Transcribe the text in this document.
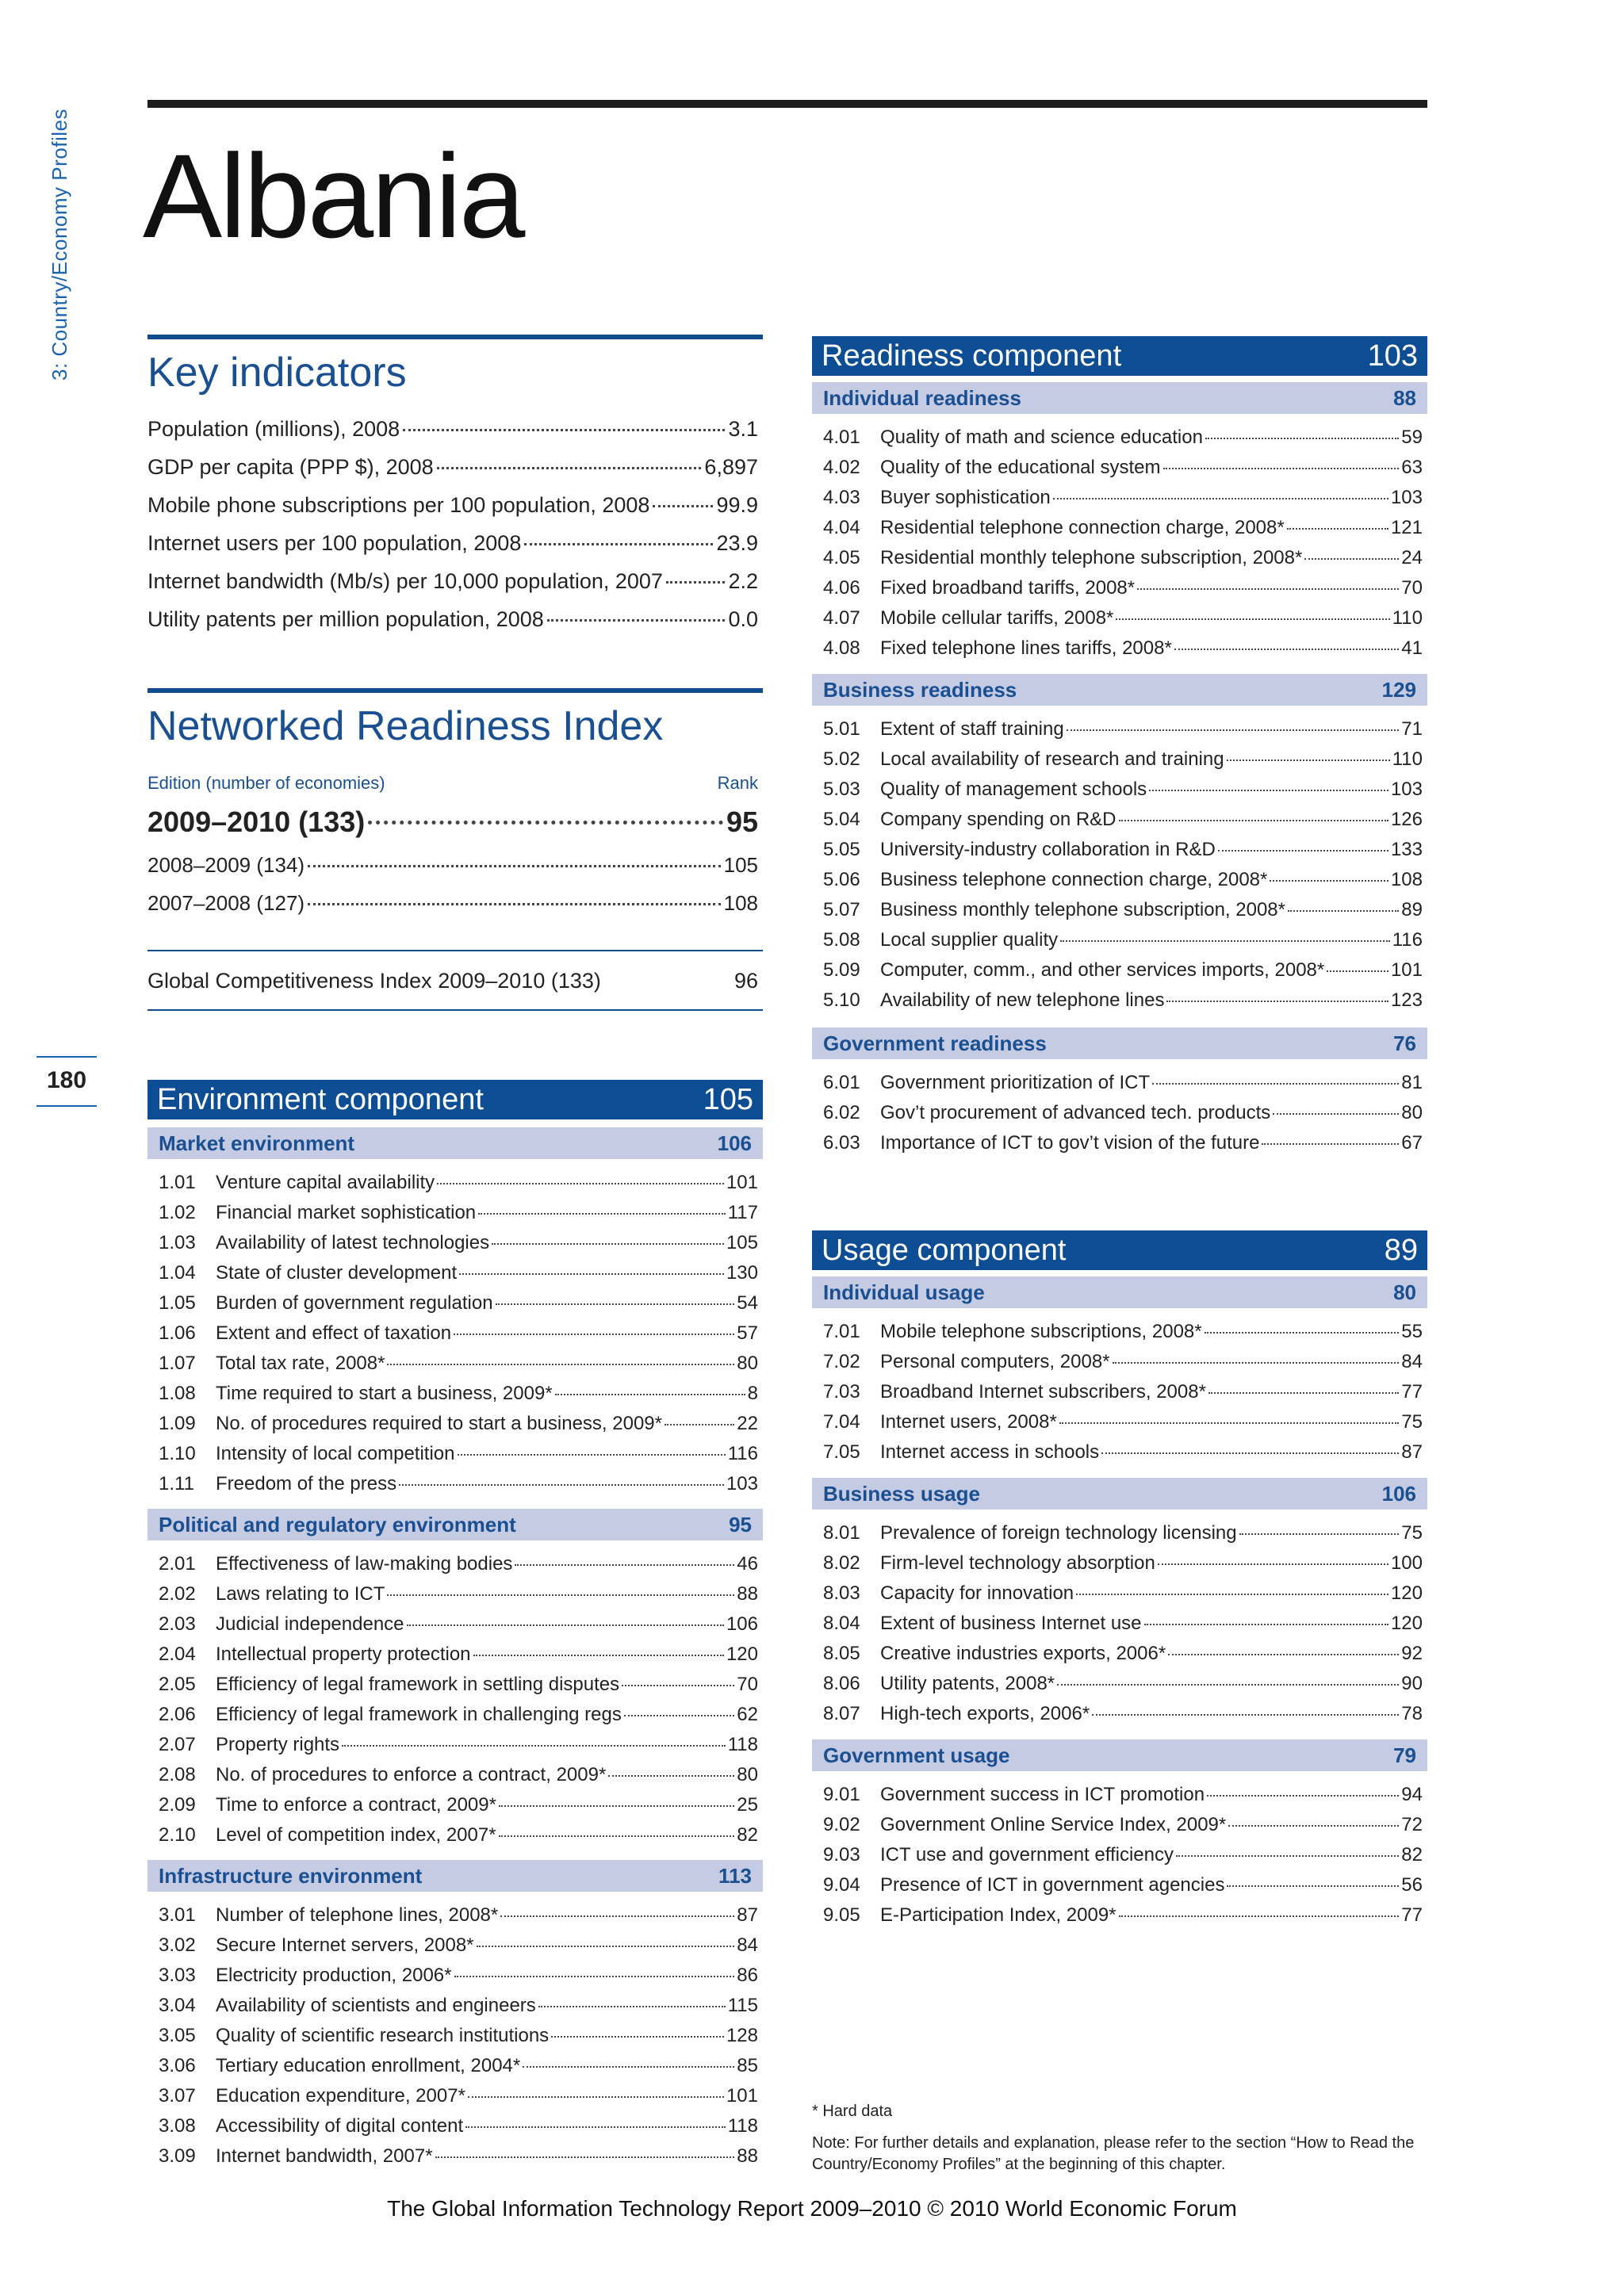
3: Country/Economy Profiles
180
Albania
Key indicators
Population (millions), 2008	3.1
GDP per capita (PPP $), 2008	6,897
Mobile phone subscriptions per 100 population, 2008	99.9
Internet users per 100 population, 2008	23.9
Internet bandwidth (Mb/s) per 10,000 population, 2007	2.2
Utility patents per million population, 2008	0.0
Networked Readiness Index
Edition (number of economies)	Rank
2009–2010 (133)	95
2008–2009 (134)	105
2007–2008 (127)	108
Global Competitiveness Index 2009–2010 (133)	96
Environment component	105
Market environment	106
1.01	Venture capital availability	101
1.02	Financial market sophistication	117
1.03	Availability of latest technologies	105
1.04	State of cluster development	130
1.05	Burden of government regulation	54
1.06	Extent and effect of taxation	57
1.07	Total tax rate, 2008*	80
1.08	Time required to start a business, 2009*	8
1.09	No. of procedures required to start a business, 2009*	22
1.10	Intensity of local competition	116
1.11	Freedom of the press	103
Political and regulatory environment	95
2.01	Effectiveness of law-making bodies	46
2.02	Laws relating to ICT	88
2.03	Judicial independence	106
2.04	Intellectual property protection	120
2.05	Efficiency of legal framework in settling disputes	70
2.06	Efficiency of legal framework in challenging regs	62
2.07	Property rights	118
2.08	No. of procedures to enforce a contract, 2009*	80
2.09	Time to enforce a contract, 2009*	25
2.10	Level of competition index, 2007*	82
Infrastructure environment	113
3.01	Number of telephone lines, 2008*	87
3.02	Secure Internet servers, 2008*	84
3.03	Electricity production, 2006*	86
3.04	Availability of scientists and engineers	115
3.05	Quality of scientific research institutions	128
3.06	Tertiary education enrollment, 2004*	85
3.07	Education expenditure, 2007*	101
3.08	Accessibility of digital content	118
3.09	Internet bandwidth, 2007*	88
Readiness component	103
Individual readiness	88
4.01	Quality of math and science education	59
4.02	Quality of the educational system	63
4.03	Buyer sophistication	103
4.04	Residential telephone connection charge, 2008*	121
4.05	Residential monthly telephone subscription, 2008*	24
4.06	Fixed broadband tariffs, 2008*	70
4.07	Mobile cellular tariffs, 2008*	110
4.08	Fixed telephone lines tariffs, 2008*	41
Business readiness	129
5.01	Extent of staff training	71
5.02	Local availability of research and training	110
5.03	Quality of management schools	103
5.04	Company spending on R&D	126
5.05	University-industry collaboration in R&D	133
5.06	Business telephone connection charge, 2008*	108
5.07	Business monthly telephone subscription, 2008*	89
5.08	Local supplier quality	116
5.09	Computer, comm., and other services imports, 2008*	101
5.10	Availability of new telephone lines	123
Government readiness	76
6.01	Government prioritization of ICT	81
6.02	Gov’t procurement of advanced tech. products	80
6.03	Importance of ICT to gov’t vision of the future	67
Usage component	89
Individual usage	80
7.01	Mobile telephone subscriptions, 2008*	55
7.02	Personal computers, 2008*	84
7.03	Broadband Internet subscribers, 2008*	77
7.04	Internet users, 2008*	75
7.05	Internet access in schools	87
Business usage	106
8.01	Prevalence of foreign technology licensing	75
8.02	Firm-level technology absorption	100
8.03	Capacity for innovation	120
8.04	Extent of business Internet use	120
8.05	Creative industries exports, 2006*	92
8.06	Utility patents, 2008*	90
8.07	High-tech exports, 2006*	78
Government usage	79
9.01	Government success in ICT promotion	94
9.02	Government Online Service Index, 2009*	72
9.03	ICT use and government efficiency	82
9.04	Presence of ICT in government agencies	56
9.05	E-Participation Index, 2009*	77
* Hard data
Note: For further details and explanation, please refer to the section “How to Read the Country/Economy Profiles” at the beginning of this chapter.
The Global Information Technology Report 2009–2010 © 2010 World Economic Forum
